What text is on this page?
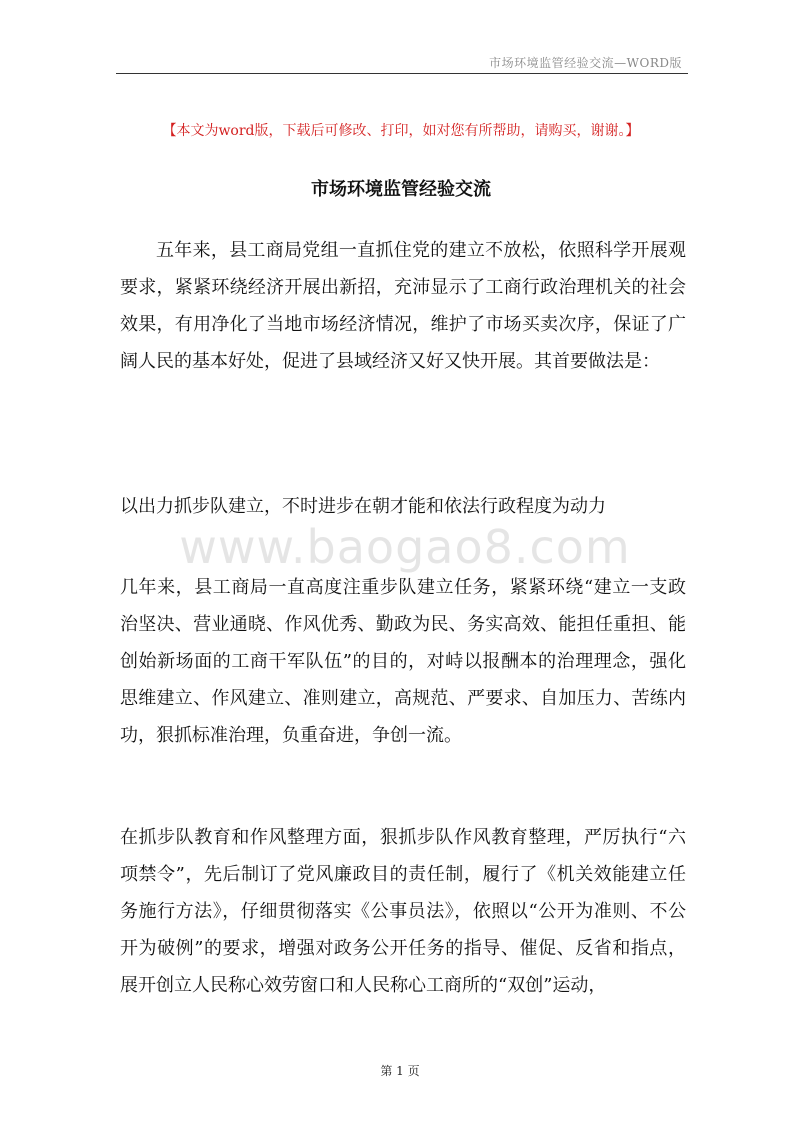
市场环境监管经验交流—WORD版
【本文为word版，下载后可修改、打印，如对您有所帮助，请购买，谢谢。】
市场环境监管经验交流

五年来，县工商局党组一直抓住党的建立不放松，依照科学开展观要求，紧紧环绕经济开展出新招，充沛显示了工商行政治理机关的社会效果，有用净化了当地市场经济情况，维护了市场买卖次序，保证了广阔人民的基本好处，促进了县域经济又好又快开展。其首要做法是：

以出力抓步队建立，不时进步在朝才能和依法行政程度为动力

www.baogao8.com

几年来，县工商局一直高度注重步队建立任务，紧紧环绕“建立一支政治坚决、营业通晓、作风优秀、勤政为民、务实高效、能担任重担、能创始新场面的工商干军队伍”的目的，对峙以报酬本的治理理念，强化思维建立、作风建立、准则建立，高规范、严要求、自加压力、苦练内功，狠抓标准治理，负重奋进，争创一流。

在抓步队教育和作风整理方面，狠抓步队作风教育整理，严厉执行“六项禁令”，先后制订了党风廉政目的责任制，履行了《机关效能建立任务施行方法》，仔细贯彻落实《公事员法》，依照以“公开为准则、不公开为破例”的要求，增强对政务公开任务的指导、催促、反省和指点，展开创立人民称心效劳窗口和人民称心工商所的“双创”运动，

第 1 页
